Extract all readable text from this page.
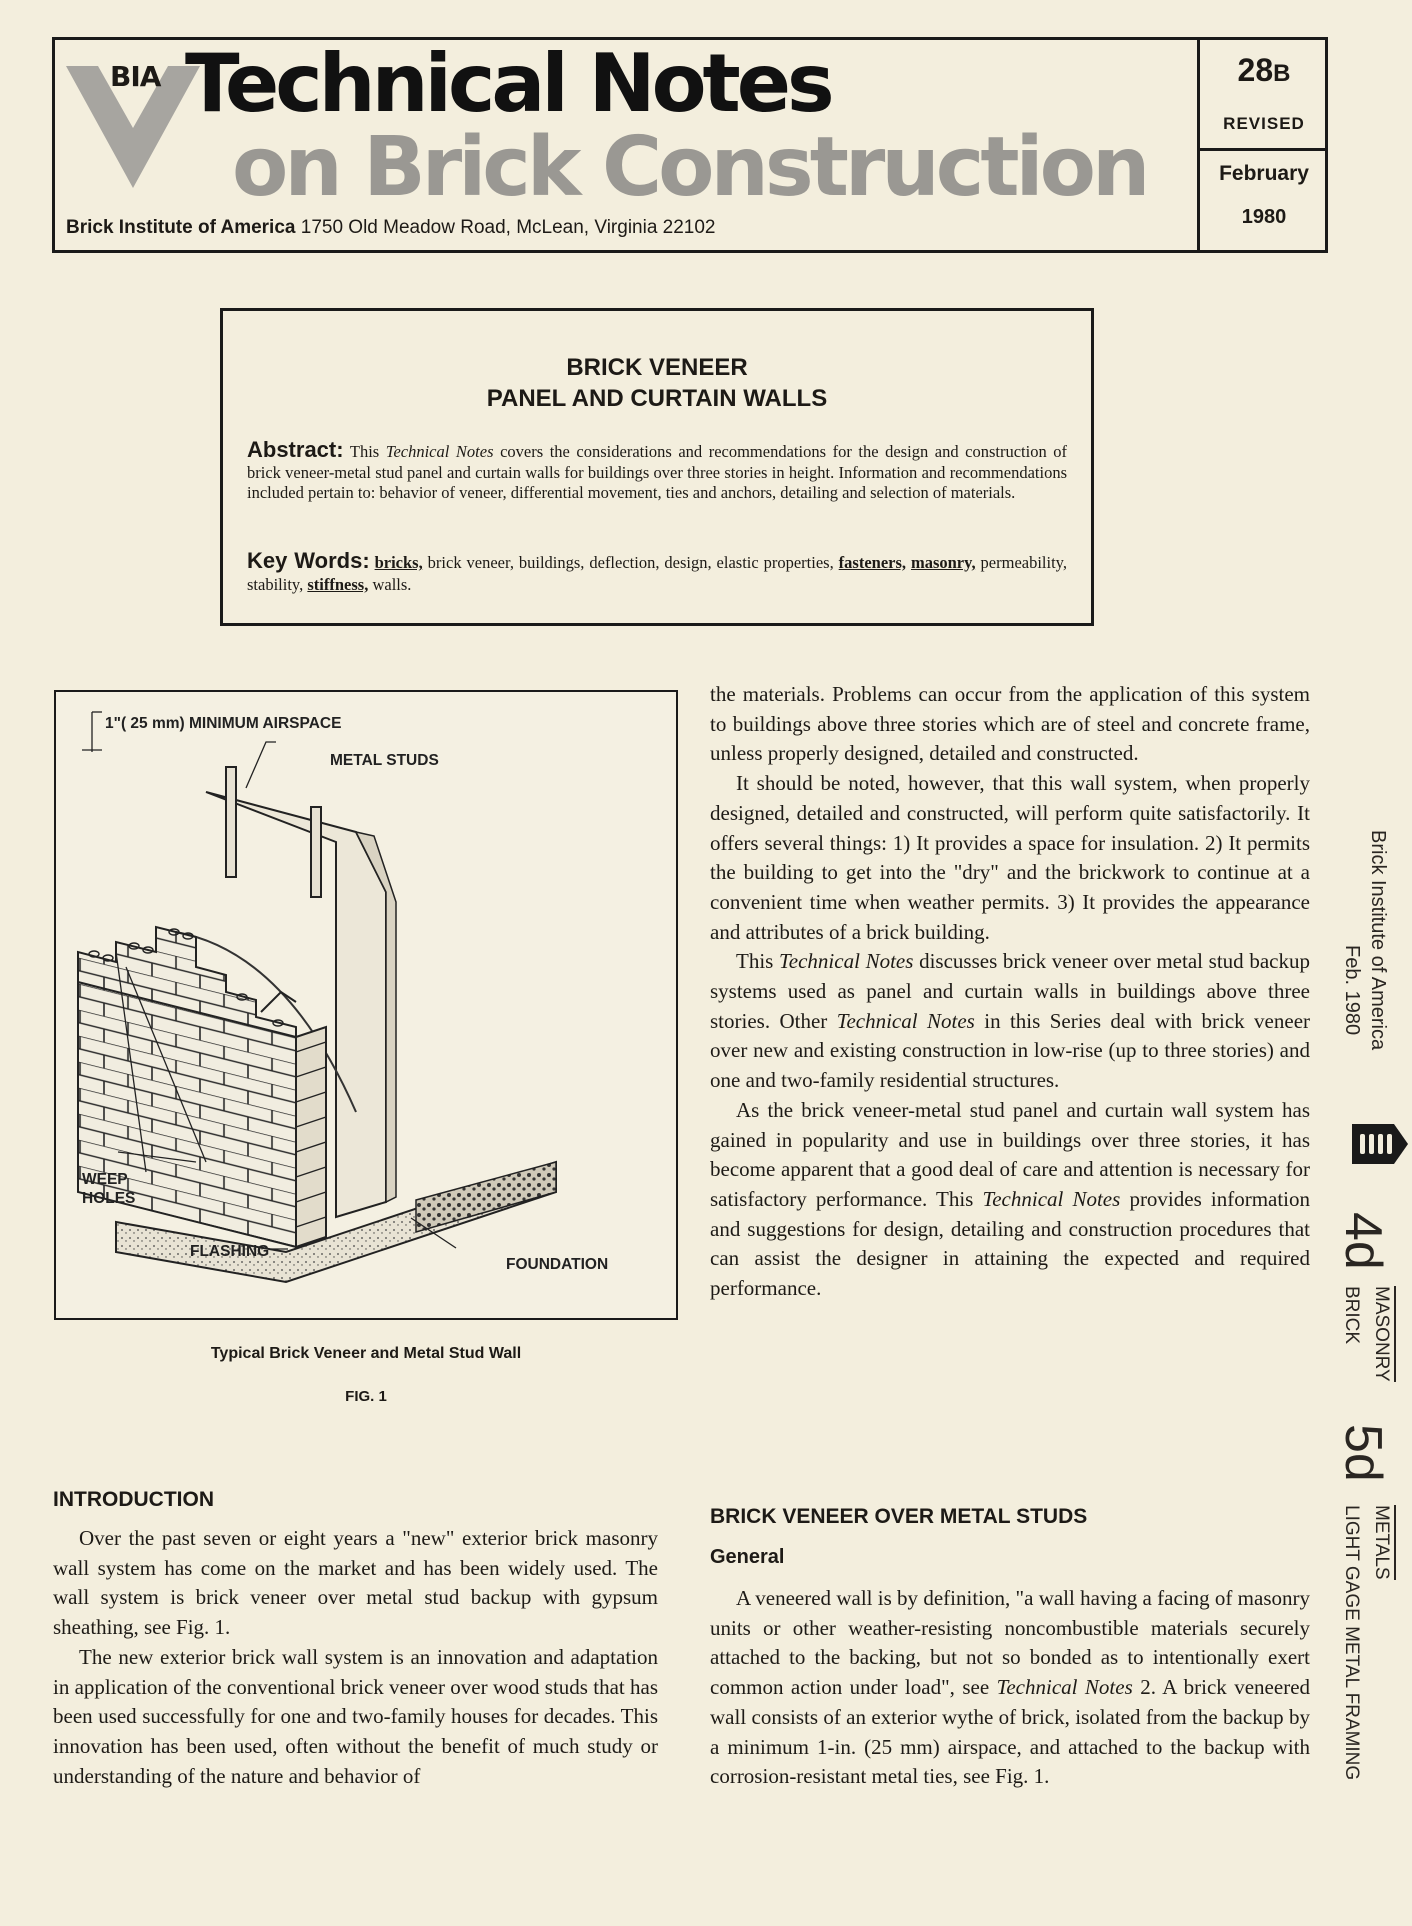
BIA Technical Notes
on Brick Construction
Brick Institute of America 1750 Old Meadow Road, McLean, Virginia 22102
28B
REVISED
February
1980
BRICK VENEER
PANEL AND CURTAIN WALLS
Abstract: This Technical Notes covers the considerations and recommendations for the design and construction of brick veneer-metal stud panel and curtain walls for buildings over three stories in height. Information and recommendations included pertain to: behavior of veneer, differential movement, ties and anchors, detailing and selection of materials.
Key Words: bricks, brick veneer, buildings, deflection, design, elastic properties, fasteners, masonry, permeability, stability, stiffness, walls.
1"( 25 mm) MINIMUM AIRSPACE
METAL STUDS
WEEP
HOLES
FLASHING
FOUNDATION
Typical Brick Veneer and Metal Stud Wall
FIG. 1
INTRODUCTION

Over the past seven or eight years a "new" exterior brick masonry wall system has come on the market and has been widely used. The wall system is brick veneer over metal stud backup with gypsum sheathing, see Fig. 1.

The new exterior brick wall system is an innovation and adaptation in application of the conventional brick veneer over wood studs that has been used successfully for one and two-family houses for decades. This innovation has been used, often without the benefit of much study or understanding of the nature and behavior of

the materials. Problems can occur from the application of this system to buildings above three stories which are of steel and concrete frame, unless properly designed, detailed and constructed.

It should be noted, however, that this wall system, when properly designed, detailed and constructed, will perform quite satisfactorily. It offers several things: 1) It provides a space for insulation. 2) It permits the building to get into the "dry" and the brickwork to continue at a convenient time when weather permits. 3) It provides the appearance and attributes of a brick building.

This Technical Notes discusses brick veneer over metal stud backup systems used as panel and curtain walls in buildings above three stories. Other Technical Notes in this Series deal with brick veneer over new and existing construction in low-rise (up to three stories) and one and two-family residential structures.

As the brick veneer-metal stud panel and curtain wall system has gained in popularity and use in buildings over three stories, it has become apparent that a good deal of care and attention is necessary for satisfactory performance. This Technical Notes provides information and suggestions for design, detailing and construction procedures that can assist the designer in attaining the expected and required performance.

BRICK VENEER OVER METAL STUDS
General

A veneered wall is by definition, "a wall having a facing of masonry units or other weather-resisting noncombustible materials securely attached to the backing, but not so bonded as to intentionally exert common action under load", see Technical Notes 2. A brick veneered wall consists of an exterior wythe of brick, isolated from the backup by a minimum 1-in. (25 mm) airspace, and attached to the backup with corrosion-resistant metal ties, see Fig. 1.

Brick Institute of America
Feb. 1980
4d
MASONRY
BRICK
5d
METALS
LIGHT GAGE METAL FRAMING
